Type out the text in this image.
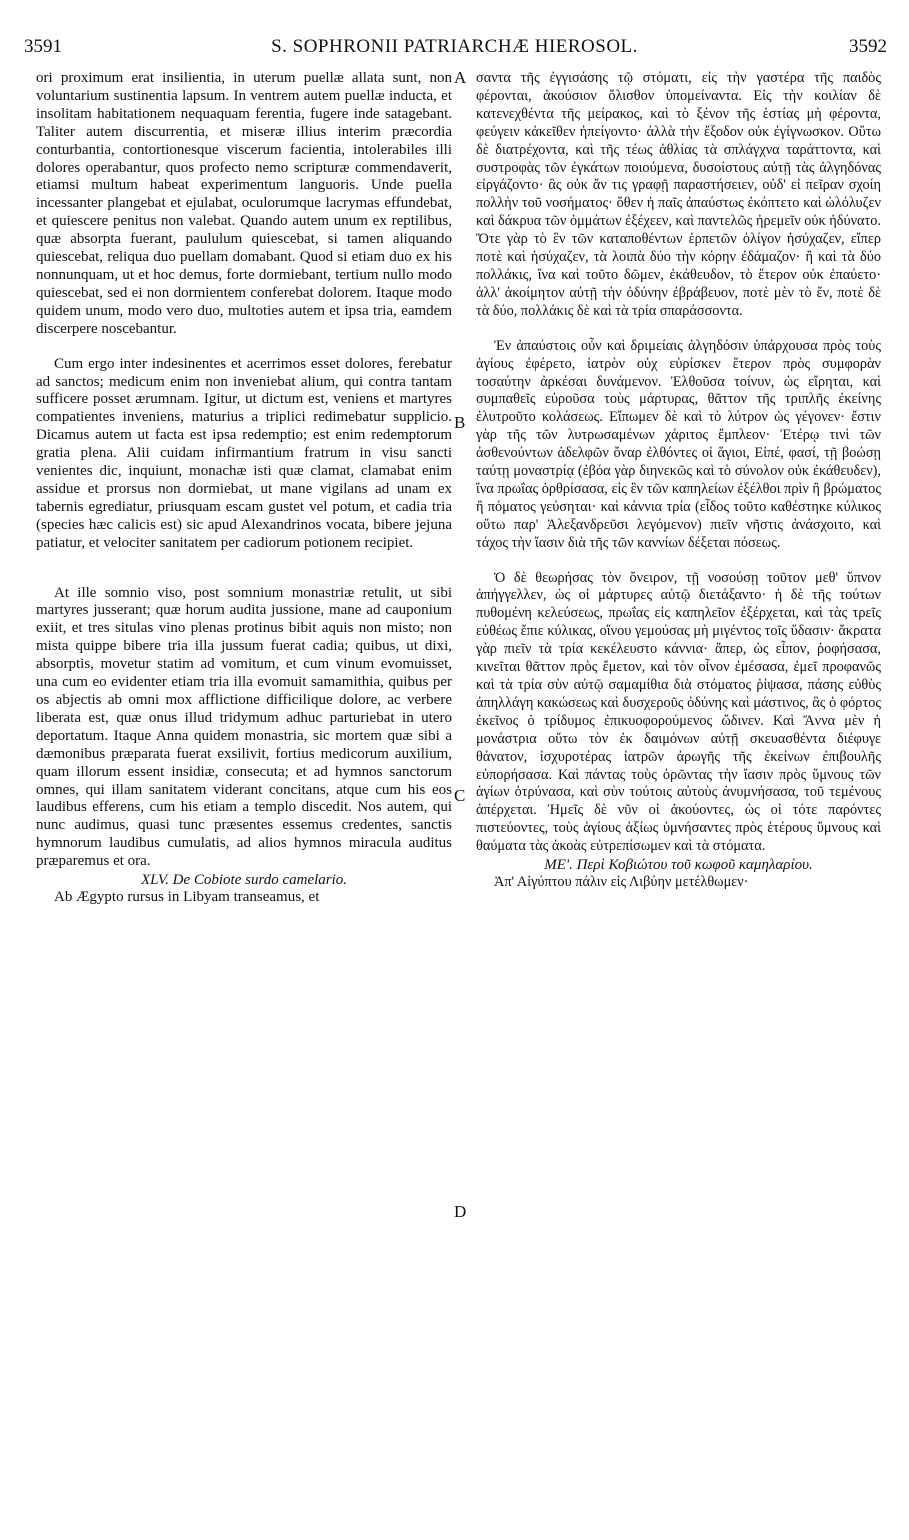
3591	S. SOPHRONII PATRIARCHÆ HIEROSOL.	3592
A
B
C
D

ori proximum erat insilientia, in uterum puellæ allata sunt, non voluntarium sustinentia lapsum. In ventrem autem puellæ inducta, et insolitam habitationem nequaquam ferentia, fugere inde satagebant. Taliter autem discurrentia, et miseræ illius interim præcordia conturbantia, contortionesque viscerum facientia, intolerabiles illi dolores operabantur, quos profecto nemo scripturæ commendaverit, etiamsi multum habeat experimentum languoris. Unde puella incessanter plangebat et ejulabat, oculorumque lacrymas effundebat, et quiescere penitus non valebat. Quando autem unum ex reptilibus, quæ absorpta fuerant, paululum quiescebat, si tamen aliquando quiescebat, reliqua duo puellam domabant. Quod si etiam duo ex his nonnunquam, ut et hoc demus, forte dormiebant, tertium nullo modo quiescebat, sed ei non dormientem conferebat dolorem. Itaque modo quidem unum, modo vero duo, multoties autem et ipsa tria, eamdem discerpere noscebantur.

Cum ergo inter indesinentes et acerrimos esset dolores, ferebatur ad sanctos; medicum enim non inveniebat alium, qui contra tantam sufficere posset ærumnam. Igitur, ut dictum est, veniens et martyres compatientes inveniens, maturius a triplici redimebatur supplicio. Dicamus autem ut facta est ipsa redemptio; est enim redemptorum gratia plena. Alii cuidam infirmantium fratrum in visu sancti venientes dic, inquiunt, monachæ isti quæ clamat, clamabat enim assidue et prorsus non dormiebat, ut mane vigilans ad unam ex tabernis egrediatur, priusquam escam gustet vel potum, et cadia tria (species hæc calicis est) sic apud Alexandrinos vocata, bibere jejuna patiatur, et velociter sanitatem per cadiorum potionem recipiet.

At ille somnio viso, post somnium monastriæ retulit, ut sibi martyres jusserant; quæ horum audita jussione, mane ad cauponium exiit, et tres situlas vino plenas protinus bibit aquis non misto; non mista quippe bibere tria illa jussum fuerat cadia; quibus, ut dixi, absorptis, movetur statim ad vomitum, et cum vinum evomuisset, una cum eo evidenter etiam tria illa evomuit samamithia, quibus per os abjectis ab omni mox afflictione difficilique dolore, ac verbere liberata est, quæ onus illud tridymum adhuc parturiebat in utero deportatum. Itaque Anna quidem monastria, sic mortem quæ sibi a dæmonibus præparata fuerat exsilivit, fortius medicorum auxilium, quam illorum essent insidiæ, consecuta; et ad hymnos sanctorum omnes, qui illam sanitatem viderant concitans, atque cum his eos laudibus efferens, cum his etiam a templo discedit. Nos autem, qui nunc audimus, quasi tunc præsentes essemus credentes, sanctis hymnorum laudibus cumulatis, ad alios hymnos miracula auditus præparemus et ora.

XLV. De Cobiote surdo camelario.

Ab Ægypto rursus in Libyam transeamus, et

σαντα τῆς ἐγγισάσης τῷ στόματι, εἰς τὴν γαστέρα τῆς παιδὸς φέρονται, ἀκούσιον ὄλισθον ὑπομείναντα. Εἰς τὴν κοιλίαν δὲ κατενεχθέντα τῆς μείρακος, καὶ τὸ ξένον τῆς ἑστίας μὴ φέροντα, φεύγειν κἀκεῖθεν ἠπείγοντο· ἀλλὰ τὴν ἔξοδον οὐκ ἐγίγνωσκον. Οὕτω δὲ διατρέχοντα, καὶ τῆς τέως ἀθλίας τὰ σπλάγχνα ταράττοντα, καὶ συστροφὰς τῶν ἐγκάτων ποιούμενα, δυσοίστους αὐτῇ τὰς ἀλγηδόνας εἰργάζοντο· ἃς οὐκ ἄν τις γραφῇ παραστήσειεν, οὐδ' εἰ πεῖραν σχοίη πολλὴν τοῦ νοσήματος· ὅθεν ἡ παῖς ἀπαύστως ἐκόπτετο καὶ ὠλόλυζεν καὶ δάκρυα τῶν ὀμμάτων ἐξέχεεν, καὶ παντελῶς ἠρεμεῖν οὐκ ἠδύνατο. Ὅτε γὰρ τὸ ἓν τῶν καταποθέντων ἑρπετῶν ὀλίγον ἡσύχαζεν, εἴπερ ποτὲ καὶ ἡσύχαζεν, τὰ λοιπὰ δύο τὴν κόρην ἐδάμαζον· ἢ καὶ τὰ δύο πολλάκις, ἵνα καὶ τοῦτο δῶμεν, ἐκάθευδον, τὸ ἕτερον οὐκ ἐπαύετο· ἀλλ' ἀκοίμητον αὐτῇ τὴν ὀδύνην ἐβράβευον, ποτὲ μὲν τὸ ἕν, ποτὲ δὲ τὰ δύο, πολλάκις δὲ καὶ τὰ τρία σπαράσσοντα.

Ἐν ἀπαύστοις οὖν καὶ δριμείαις ἀλγηδόσιν ὑπάρχουσα πρὸς τοὺς ἁγίους ἐφέρετο, ἰατρὸν οὐχ εὑρίσκεν ἕτερον πρὸς συμφορὰν τοσαύτην ἀρκέσαι δυνάμενον. Ἐλθοῦσα τοίνυν, ὡς εἴρηται, καὶ συμπαθεῖς εὑροῦσα τοὺς μάρτυρας, θᾶττον τῆς τριπλῆς ἐκείνης ἐλυτροῦτο κολάσεως. Εἴπωμεν δὲ καὶ τὸ λύτρον ὡς γέγονεν· ἔστιν γὰρ τῆς τῶν λυτρωσαμένων χάριτος ἔμπλεον· Ἑτέρῳ τινὶ τῶν ἀσθενούντων ἀδελφῶν ὄναρ ἐλθόντες οἱ ἅγιοι, Εἰπέ, φασί, τῇ βοώσῃ ταύτῃ μοναστρίᾳ (ἐβόα γὰρ διηνεκῶς καὶ τὸ σύνολον οὐκ ἐκάθευδεν), ἵνα πρωΐας ὀρθρίσασα, εἰς ἓν τῶν καπηλείων ἐξέλθοι πρὶν ἢ βρώματος ἢ πόματος γεύσηται· καὶ κάννια τρία (εἶδος τοῦτο καθέστηκε κύλικος οὕτω παρ' Ἀλεξανδρεῦσι λεγόμενον) πιεῖν νῆστις ἀνάσχοιτο, καὶ τάχος τὴν ἴασιν διὰ τῆς τῶν καννίων δέξεται πόσεως.

Ὁ δὲ θεωρήσας τὸν ὄνειρον, τῇ νοσούσῃ τοῦτον μεθ' ὕπνον ἀπήγγελλεν, ὡς οἱ μάρτυρες αὐτῷ διετάξαντο· ἡ δὲ τῆς τούτων πυθομένη κελεύσεως, πρωΐας εἰς καπηλεῖον ἐξέρχεται, καὶ τὰς τρεῖς εὐθέως ἔπιε κύλικας, οἴνου γεμούσας μὴ μιγέντος τοῖς ὕδασιν· ἄκρατα γὰρ πιεῖν τὰ τρία κεκέλευστο κάννια· ἅπερ, ὡς εἶπον, ῥοφήσασα, κινεῖται θᾶττον πρὸς ἔμετον, καὶ τὸν οἶνον ἐμέσασα, ἐμεῖ προφανῶς καὶ τὰ τρία σὺν αὐτῷ σαμαμίθια διὰ στόματος ῥίψασα, πάσης εὐθὺς ἀπηλλάγη κακώσεως καὶ δυσχεροῦς ὀδύνης καὶ μάστινος, ἃς ὁ φόρτος ἐκεῖνος ὁ τρίδυμος ἐπικυοφορούμενος ὤδινεν. Καὶ Ἄννα μὲν ἡ μονάστρια οὕτω τὸν ἐκ δαιμόνων αὐτῇ σκευασθέντα διέφυγε θάνατον, ἰσχυροτέρας ἰατρῶν ἀρωγῆς τῆς ἐκείνων ἐπιβουλῆς εὐπορήσασα. Καὶ πάντας τοὺς ὁρῶντας τὴν ἴασιν πρὸς ὕμνους τῶν ἁγίων ὀτρύνασα, καὶ σὺν τούτοις αὐτοὺς ἀνυμνήσασα, τοῦ τεμένους ἀπέρχεται. Ἡμεῖς δὲ νῦν οἱ ἀκούοντες, ὡς οἱ τότε παρόντες πιστεύοντες, τοὺς ἁγίους ἀξίως ὑμνήσαντες πρὸς ἑτέρους ὕμνους καὶ θαύματα τὰς ἀκοὰς εὐτρεπίσωμεν καὶ τὰ στόματα.

ΜΕ'. Περὶ Κοβιώτου τοῦ κωφοῦ καμηλαρίου.

Ἀπ' Αἰγύπτου πάλιν εἰς Λιβύην μετέλθωμεν·
